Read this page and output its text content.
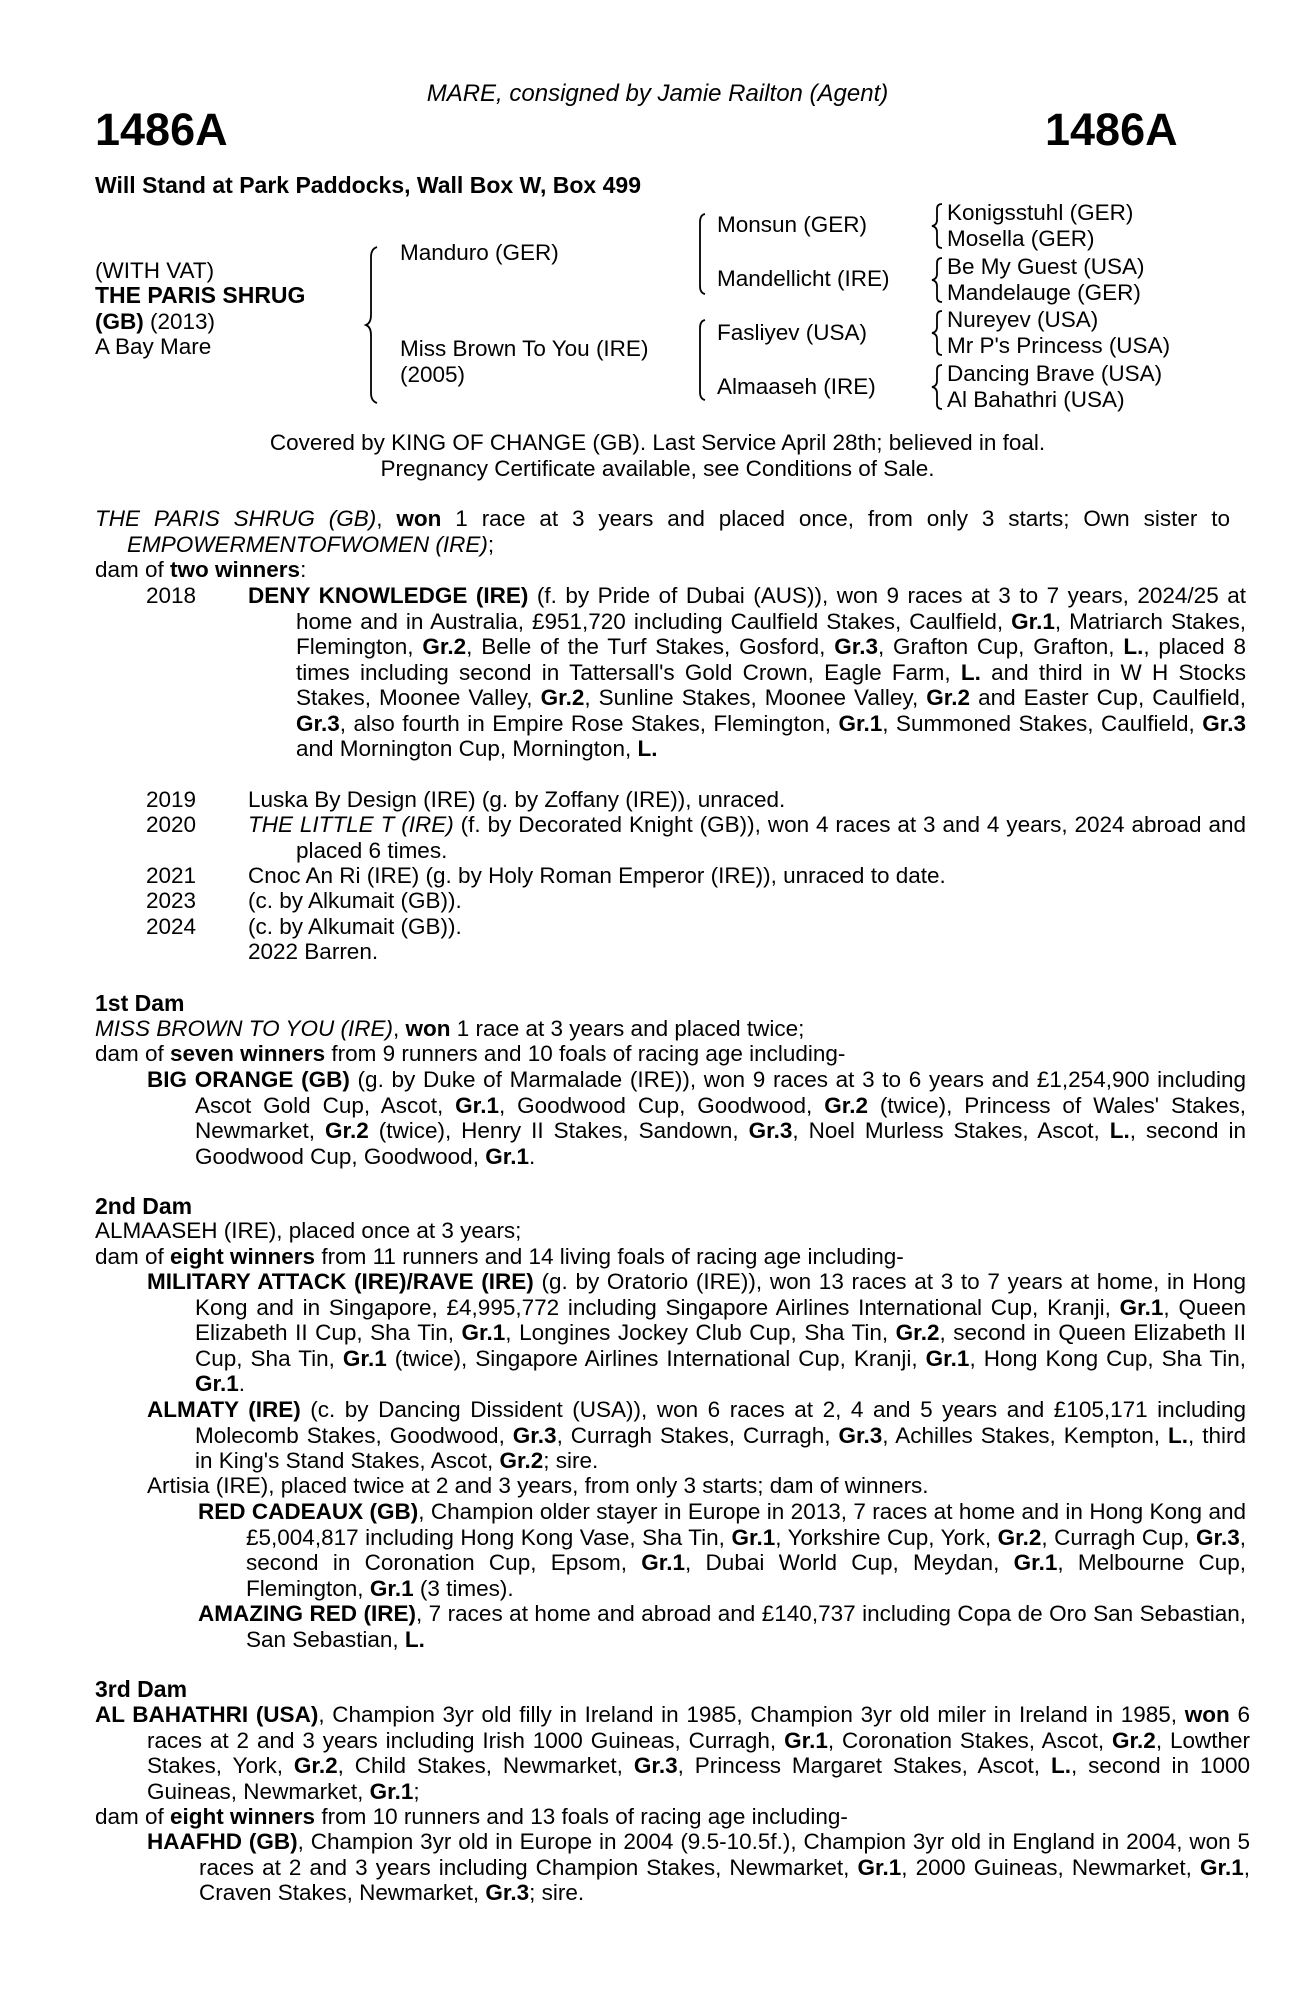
MARE, consigned by Jamie Railton (Agent)
1486A	1486A
Will Stand at Park Paddocks, Wall Box W, Box 499
(WITH VAT)
THE PARIS SHRUG
(GB) (2013)
A Bay Mare
Manduro (GER)
Miss Brown To You (IRE)
(2005)
Monsun (GER)
Mandellicht (IRE)
Fasliyev (USA)
Almaaseh (IRE)
Konigsstuhl (GER)
Mosella (GER)
Be My Guest (USA)
Mandelauge (GER)
Nureyev (USA)
Mr P's Princess (USA)
Dancing Brave (USA)
Al Bahathri (USA)
Covered by KING OF CHANGE (GB). Last Service April 28th; believed in foal.
Pregnancy Certificate available, see Conditions of Sale.
THE PARIS SHRUG (GB), won 1 race at 3 years and placed once, from only 3 starts; Own sister to EMPOWERMENTOFWOMEN (IRE);
dam of two winners:
2018	DENY KNOWLEDGE (IRE) (f. by Pride of Dubai (AUS)), won 9 races at 3 to 7 years, 2024/25 at home and in Australia, £951,720 including Caulfield Stakes, Caulfield, Gr.1, Matriarch Stakes, Flemington, Gr.2, Belle of the Turf Stakes, Gosford, Gr.3, Grafton Cup, Grafton, L., placed 8 times including second in Tattersall's Gold Crown, Eagle Farm, L. and third in W H Stocks Stakes, Moonee Valley, Gr.2, Sunline Stakes, Moonee Valley, Gr.2 and Easter Cup, Caulfield, Gr.3, also fourth in Empire Rose Stakes, Flemington, Gr.1, Summoned Stakes, Caulfield, Gr.3 and Mornington Cup, Mornington, L.
2019	Luska By Design (IRE) (g. by Zoffany (IRE)), unraced.
2020	THE LITTLE T (IRE) (f. by Decorated Knight (GB)), won 4 races at 3 and 4 years, 2024 abroad and placed 6 times.
2021	Cnoc An Ri (IRE) (g. by Holy Roman Emperor (IRE)), unraced to date.
2023	(c. by Alkumait (GB)).
2024	(c. by Alkumait (GB)).
2022 Barren.
1st Dam
MISS BROWN TO YOU (IRE), won 1 race at 3 years and placed twice;
dam of seven winners from 9 runners and 10 foals of racing age including-
BIG ORANGE (GB) (g. by Duke of Marmalade (IRE)), won 9 races at 3 to 6 years and £1,254,900 including Ascot Gold Cup, Ascot, Gr.1, Goodwood Cup, Goodwood, Gr.2 (twice), Princess of Wales' Stakes, Newmarket, Gr.2 (twice), Henry II Stakes, Sandown, Gr.3, Noel Murless Stakes, Ascot, L., second in Goodwood Cup, Goodwood, Gr.1.
2nd Dam
ALMAASEH (IRE), placed once at 3 years;
dam of eight winners from 11 runners and 14 living foals of racing age including-
MILITARY ATTACK (IRE)/RAVE (IRE) (g. by Oratorio (IRE)), won 13 races at 3 to 7 years at home, in Hong Kong and in Singapore, £4,995,772 including Singapore Airlines International Cup, Kranji, Gr.1, Queen Elizabeth II Cup, Sha Tin, Gr.1, Longines Jockey Club Cup, Sha Tin, Gr.2, second in Queen Elizabeth II Cup, Sha Tin, Gr.1 (twice), Singapore Airlines International Cup, Kranji, Gr.1, Hong Kong Cup, Sha Tin, Gr.1.
ALMATY (IRE) (c. by Dancing Dissident (USA)), won 6 races at 2, 4 and 5 years and £105,171 including Molecomb Stakes, Goodwood, Gr.3, Curragh Stakes, Curragh, Gr.3, Achilles Stakes, Kempton, L., third in King's Stand Stakes, Ascot, Gr.2; sire.
Artisia (IRE), placed twice at 2 and 3 years, from only 3 starts; dam of winners.
RED CADEAUX (GB), Champion older stayer in Europe in 2013, 7 races at home and in Hong Kong and £5,004,817 including Hong Kong Vase, Sha Tin, Gr.1, Yorkshire Cup, York, Gr.2, Curragh Cup, Gr.3, second in Coronation Cup, Epsom, Gr.1, Dubai World Cup, Meydan, Gr.1, Melbourne Cup, Flemington, Gr.1 (3 times).
AMAZING RED (IRE), 7 races at home and abroad and £140,737 including Copa de Oro San Sebastian, San Sebastian, L.
3rd Dam
AL BAHATHRI (USA), Champion 3yr old filly in Ireland in 1985, Champion 3yr old miler in Ireland in 1985, won 6 races at 2 and 3 years including Irish 1000 Guineas, Curragh, Gr.1, Coronation Stakes, Ascot, Gr.2, Lowther Stakes, York, Gr.2, Child Stakes, Newmarket, Gr.3, Princess Margaret Stakes, Ascot, L., second in 1000 Guineas, Newmarket, Gr.1;
dam of eight winners from 10 runners and 13 foals of racing age including-
HAAFHD (GB), Champion 3yr old in Europe in 2004 (9.5-10.5f.), Champion 3yr old in England in 2004, won 5 races at 2 and 3 years including Champion Stakes, Newmarket, Gr.1, 2000 Guineas, Newmarket, Gr.1, Craven Stakes, Newmarket, Gr.3; sire.
